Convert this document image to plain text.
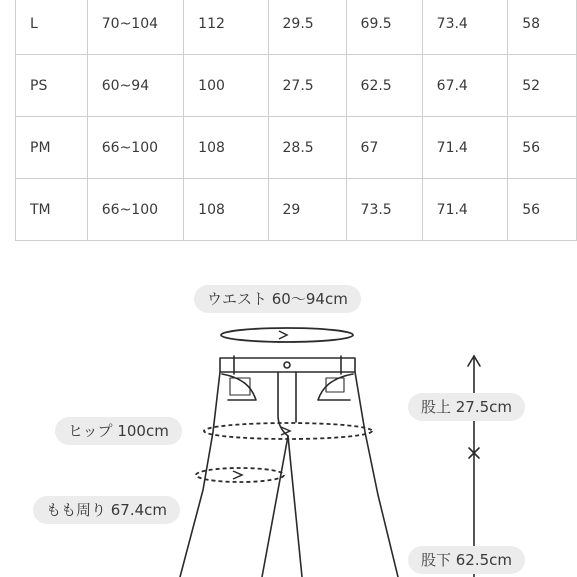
L	70~104	112	29.5	69.5	73.4	58
PS	60~94	100	27.5	62.5	67.4	52
PM	66~100	108	28.5	67	71.4	56
TM	66~100	108	29	73.5	71.4	56
ウエスト 60〜94cm
ヒップ 100cm
もも周り 67.4cm
股上 27.5cm
股下 62.5cm
